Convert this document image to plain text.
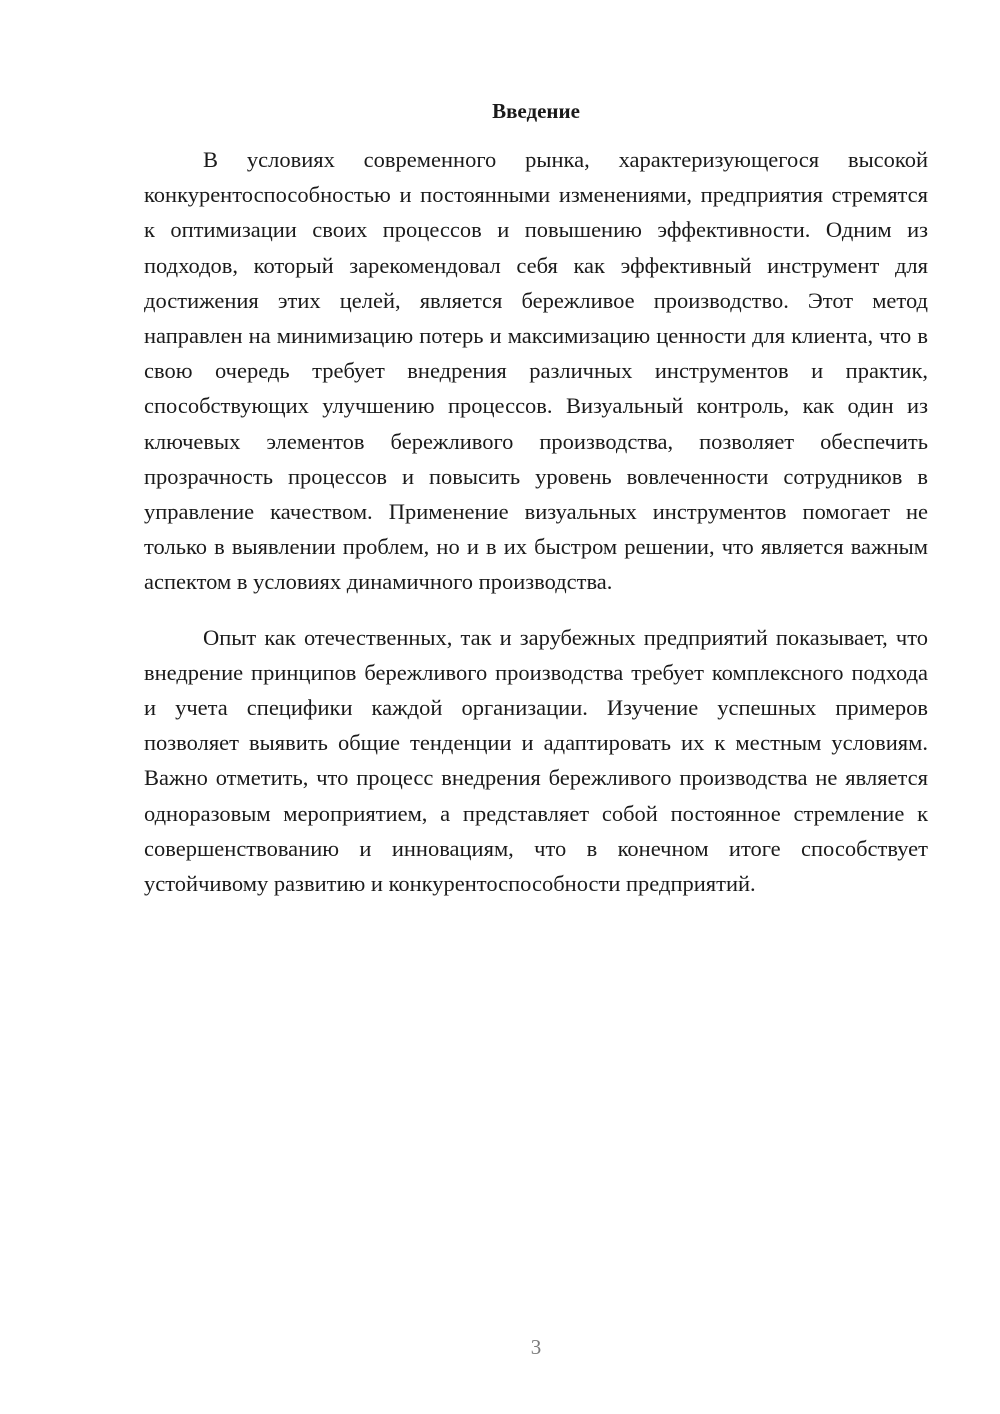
Введение

В условиях современного рынка, характеризующегося высокой конкурентоспособностью и постоянными изменениями, предприятия стремятся к оптимизации своих процессов и повышению эффективности. Одним из подходов, который зарекомендовал себя как эффективный инструмент для достижения этих целей, является бережливое производство. Этот метод направлен на минимизацию потерь и максимизацию ценности для клиента, что в свою очередь требует внедрения различных инструментов и практик, способствующих улучшению процессов. Визуальный контроль, как один из ключевых элементов бережливого производства, позволяет обеспечить прозрачность процессов и повысить уровень вовлеченности сотрудников в управление качеством. Применение визуальных инструментов помогает не только в выявлении проблем, но и в их быстром решении, что является важным аспектом в условиях динамичного производства.

Опыт как отечественных, так и зарубежных предприятий показывает, что внедрение принципов бережливого производства требует комплексного подхода и учета специфики каждой организации. Изучение успешных примеров позволяет выявить общие тенденции и адаптировать их к местным условиям. Важно отметить, что процесс внедрения бережливого производства не является одноразовым мероприятием, а представляет собой постоянное стремление к совершенствованию и инновациям, что в конечном итоге способствует устойчивому развитию и конкурентоспособности предприятий.

3
